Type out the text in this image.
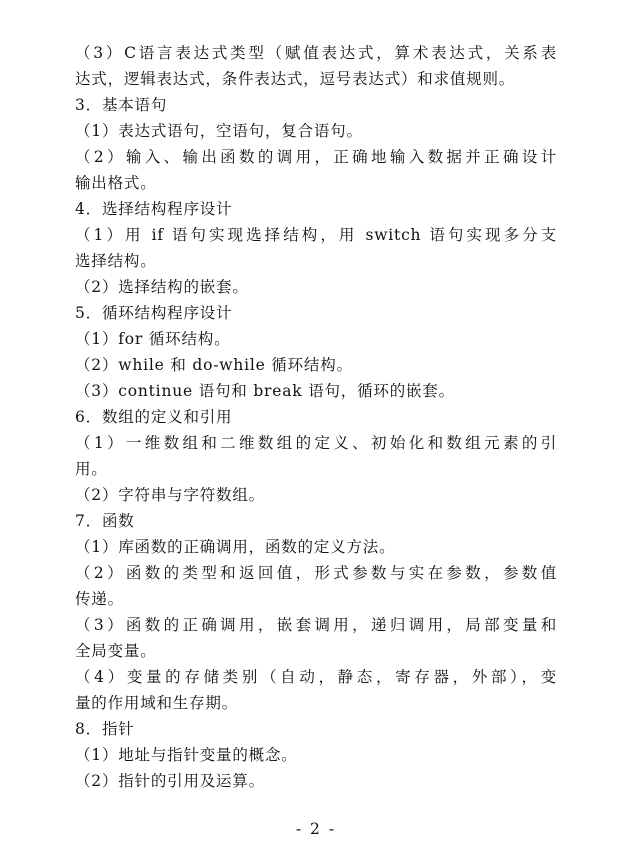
（3）C语言表达式类型（赋值表达式，算术表达式，关系表

达式，逻辑表达式，条件表达式，逗号表达式）和求值规则。

3．基本语句

（1）表达式语句，空语句，复合语句。

（2）输入、输出函数的调用，正确地输入数据并正确设计

输出格式。

4．选择结构程序设计

（1）用 if 语句实现选择结构，用 switch 语句实现多分支

选择结构。

（2）选择结构的嵌套。

5．循环结构程序设计

（1）for 循环结构。

（2）while 和 do-while 循环结构。

（3）continue 语句和 break 语句，循环的嵌套。

6．数组的定义和引用

（1）一维数组和二维数组的定义、初始化和数组元素的引

用。

（2）字符串与字符数组。

7．函数

（1）库函数的正确调用，函数的定义方法。

（2）函数的类型和返回值，形式参数与实在参数，参数值

传递。

（3）函数的正确调用，嵌套调用，递归调用，局部变量和

全局变量。

（4）变量的存储类别（自动，静态，寄存器，外部），变

量的作用域和生存期。

8．指针

（1）地址与指针变量的概念。

（2）指针的引用及运算。

- 2 -
